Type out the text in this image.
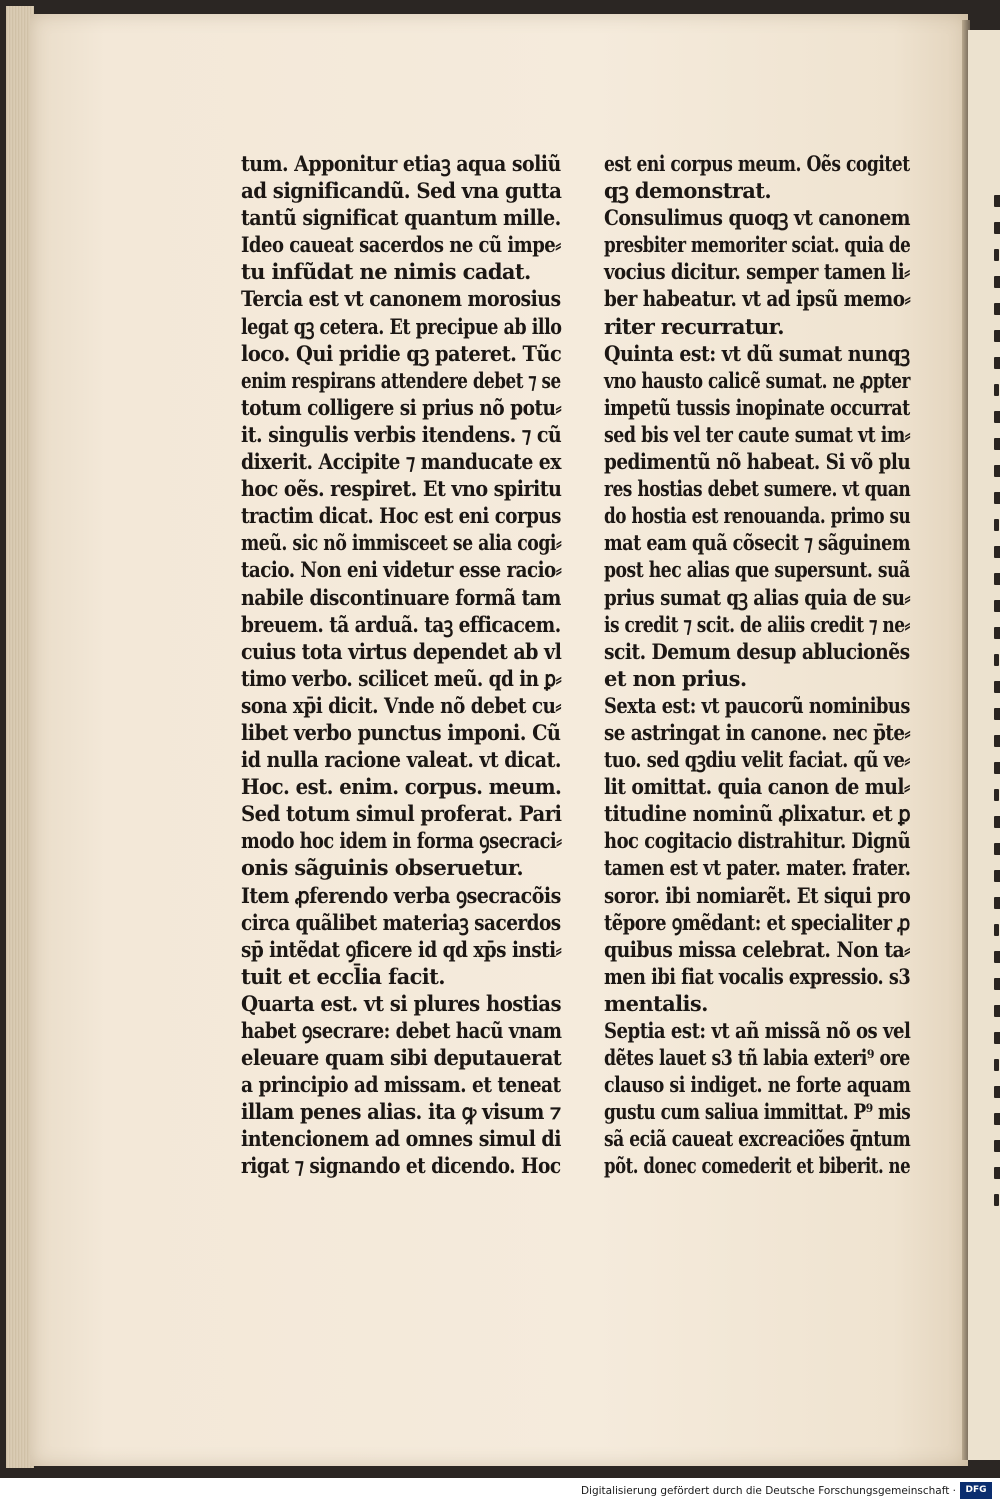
tum. Apponitur etiaꝫ aqua soliũ
ad significandũ. Sed vna gutta
tantũ significat quantum mille.
Ideo caueat sacerdos ne cũ impe⸗
tu infũdat ne nimis cadat.
Tercia est vt canonem morosius
legat qꝫ cetera. Et precipue ab illo
loco. Qui pridie qꝫ pateret. Tũc
enim respirans attendere debet ⁊ se
totum colligere si prius nõ potu⸗
it. singulis verbis itendens. ⁊ cũ
dixerit. Accipite ⁊ manducate ex
hoc oẽs. respiret. Et vno spiritu
tractim dicat. Hoc est eni corpus
meũ. sic nõ immisceet se alia cogi⸗
tacio. Non eni videtur esse racio⸗
nabile discontinuare formã tam
breuem. tã arduã. taꝫ efficacem.
cuius tota virtus dependet ab vl
timo verbo. scilicet meũ. qd in ꝑ⸗
sona xp̄i dicit. Vnde nõ debet cu⸗
libet verbo punctus imponi. Cũ
id nulla racione valeat. vt dicat.
Hoc. est. enim. corpus. meum.
Sed totum simul proferat. Pari
modo hoc idem in forma ꝯsecraci⸗
onis sãguinis obseruetur.
Item ꝓferendo verba ꝯsecracõis
circa quãlibet materiaꝫ sacerdos
sp̄ intẽdat ꝯficere id qd xp̄s insti⸗
tuit et eccl̄ia facit.
Quarta est. vt si plures hostias
habet ꝯsecrare: debet hacũ vnam
eleuare quam sibi deputauerat
a principio ad missam. et teneat
illam penes alias. ita ꝙ visum ⁊
intencionem ad omnes simul di
rigat ⁊ signando et dicendo. Hoc
est eni corpus meum. Oẽs cogitet
qꝫ demonstrat.
Consulimus quoqꝫ vt canonem
presbiter memoriter sciat. quia de
vocius dicitur. semper tamen li⸗
ber habeatur. vt ad ipsũ memo⸗
riter recurratur.
Quinta est: vt dũ sumat nunqꝫ
vno hausto calicẽ sumat. ne ꝓpter
impetũ tussis inopinate occurrat
sed bis vel ter caute sumat vt im⸗
pedimentũ nõ habeat. Si võ plu
res hostias debet sumere. vt quan
do hostia est renouanda. primo su
mat eam quã cõsecit ⁊ sãguinem
post hec alias que supersunt. suã
prius sumat qꝫ alias quia de su⸗
is credit ⁊ scit. de aliis credit ⁊ ne⸗
scit. Demum desup ablucionẽs
et non prius.
Sexta est: vt paucorũ nominibus
se astringat in canone. nec p̄te⸗
tuo. sed qꝫdiu velit faciat. qũ ve⸗
lit omittat. quia canon de mul⸗
titudine nominũ ꝓlixatur. et ꝑ
hoc cogitacio distrahitur. Dignũ
tamen est vt pater. mater. frater.
soror. ibi nomiarẽt. Et siqui pro
tẽpore ꝯmẽdant: et specialiter ꝓ
quibus missa celebrat. Non ta⸗
men ibi fiat vocalis expressio. s3
mentalis.
Septia est: vt añ missã nõ os vel
dẽtes lauet s3 tñ labia exteri⁹ ore
clauso si indiget. ne forte aquam
gustu cum saliua immittat. P⁹ mis
sã eciã caueat excreaciões q̄ntum
põt. donec comederit et biberit. ne
Digitalisierung gefördert durch die Deutsche Forschungsgemeinschaft ·	DFG
